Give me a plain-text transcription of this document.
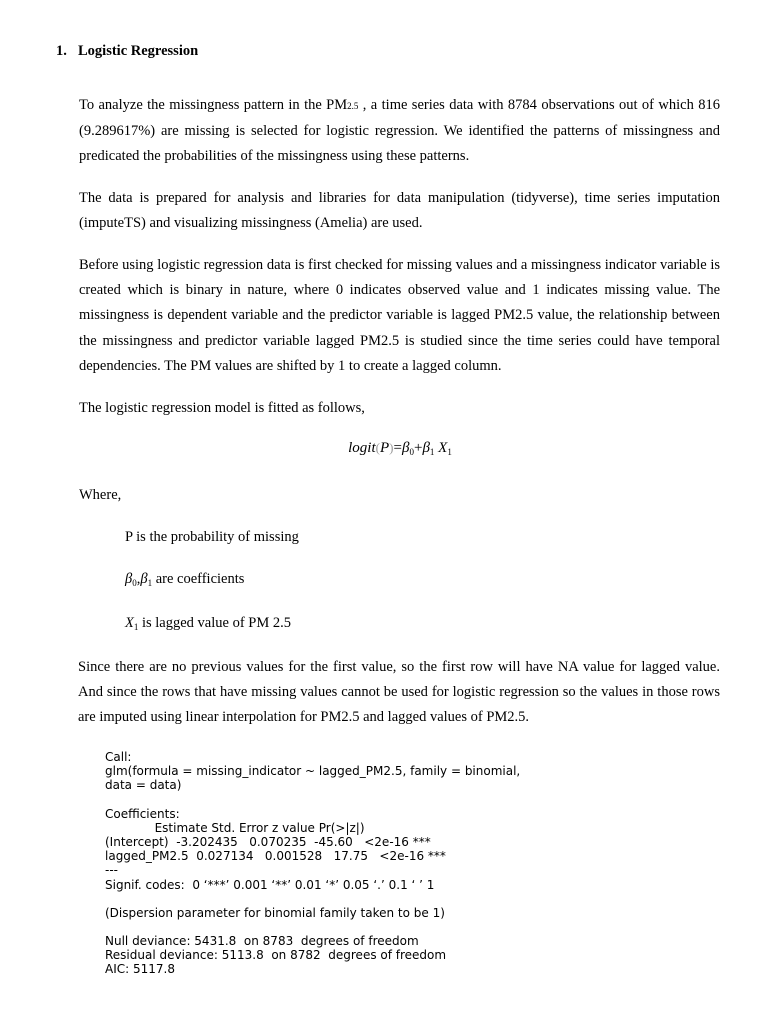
1. Logistic Regression

To analyze the missingness pattern in the PM2.5 , a time series data with 8784 observations out of which 816 (9.289617%) are missing is selected for logistic regression. We identified the patterns of missingness and predicated the probabilities of the missingness using these patterns.

The data is prepared for analysis and libraries for data manipulation (tidyverse), time series imputation (imputeTS) and visualizing missingness (Amelia) are used.

Before using logistic regression data is first checked for missing values and a missingness indicator variable is created which is binary in nature, where 0 indicates observed value and 1 indicates missing value. The missingness is dependent variable and the predictor variable is lagged PM2.5 value, the relationship between the missingness and predictor variable lagged PM2.5 is studied since the time series could have temporal dependencies. The PM values are shifted by 1 to create a lagged column.

The logistic regression model is fitted as follows,

$logit(P)=\beta_0+\beta_1$ $X_1$

Where,

P is the probability of missing

$\beta_0,\beta_1$ are coefficients

$X_1$ is lagged value of PM 2.5

Since there are no previous values for the first value, so the first row will have NA value for lagged value. And since the rows that have missing values cannot be used for logistic regression so the values in those rows are imputed using linear interpolation for PM2.5 and lagged values of PM2.5.

Call:
glm(formula = missing_indicator ~ lagged_PM2.5, family = binomial,
data = data)
Coefficients:
Estimate Std. Error z value Pr(>|z|)
(Intercept)  -3.202435   0.070235  -45.60   <2e-16 ***
lagged_PM2.5  0.027134   0.001528   17.75   <2e-16 ***
---
Signif. codes:  0 ‘***’ 0.001 ‘**’ 0.01 ‘*’ 0.05 ‘.’ 0.1 ‘ ’ 1
(Dispersion parameter for binomial family taken to be 1)
Null deviance: 5431.8  on 8783  degrees of freedom
Residual deviance: 5113.8  on 8782  degrees of freedom
AIC: 5117.8
